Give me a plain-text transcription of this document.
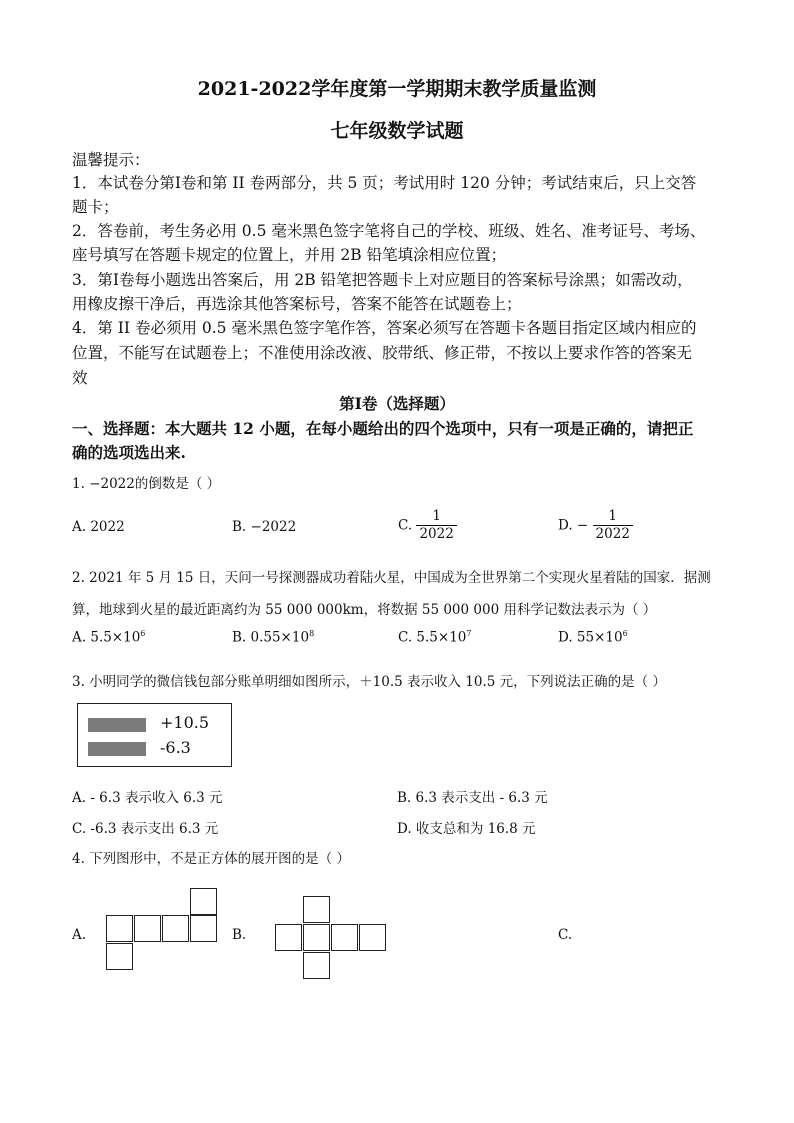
2021-2022学年度第一学期期末教学质量监测
七年级数学试题
温馨提示：
1．本试卷分第Ⅰ卷和第 II 卷两部分，共 5 页；考试用时 120 分钟；考试结束后，只上交答
题卡；
2．答卷前，考生务必用 0.5 毫米黑色签字笔将自己的学校、班级、姓名、准考证号、考场、
座号填写在答题卡规定的位置上，并用 2B 铅笔填涂相应位置；
3．第Ⅰ卷每小题选出答案后，用 2B 铅笔把答题卡上对应题目的答案标号涂黑；如需改动，
用橡皮擦干净后，再选涂其他答案标号，答案不能答在试题卷上；
4．第 II 卷必须用 0.5 毫米黑色签字笔作答，答案必须写在答题卡各题目指定区域内相应的
位置，不能写在试题卷上；不准使用涂改液、胶带纸、修正带，不按以上要求作答的答案无
效
第Ⅰ卷（选择题）
一、选择题：本大题共 12 小题，在每小题给出的四个选项中，只有一项是正确的，请把正
确的选项选出来.
1. −2022的倒数是（ ）
A. 2022	B. −2022	C. $\frac{1}{2022}$	D. − $\frac{1}{2022}$
2. 2021 年 5 月 15 日，天问一号探测器成功着陆火星，中国成为全世界第二个实现火星着陆的国家．据测
算，地球到火星的最近距离约为 55 000 000km，将数据 55 000 000 用科学记数法表示为（ ）
A. $5.5\times 10^6$	B. $0.55\times 10^8$	C. $5.5\times 10^7$	D. $55\times 10^6$
3. 小明同学的微信钱包部分账单明细如图所示，＋10.5 表示收入 10.5 元，下列说法正确的是（ ）
+10.5
-6.3
A. - 6.3 表示收入 6.3 元	B. 6.3 表示支出 - 6.3 元
C. -6.3 表示支出 6.3 元	D. 收支总和为 16.8 元
4. 下列图形中，不是正方体的展开图的是（ ）
A.	B.	C.
